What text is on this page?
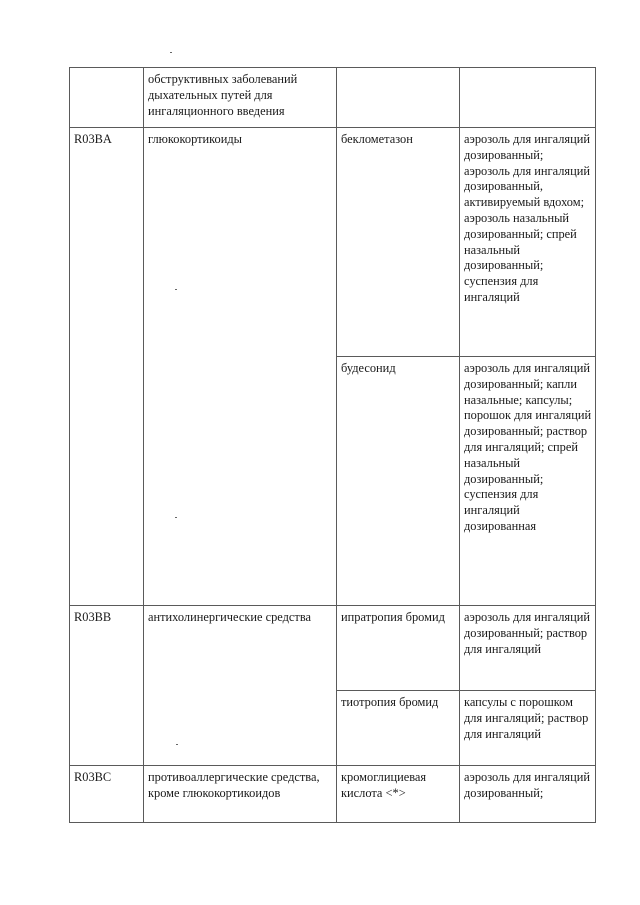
	обструктивных заболеваний дыхательных путей для ингаляционного введения		
R03BA	глюкокортикоиды	беклометазон	аэрозоль для ингаляций дозированный; аэрозоль для ингаляций дозированный, активируемый вдохом; аэрозоль назальный дозированный; спрей назальный дозированный; суспензия для ингаляций
		будесонид	аэрозоль для ингаляций дозированный; капли назальные; капсулы; порошок для ингаляций дозированный; раствор для ингаляций; спрей назальный дозированный; суспензия для ингаляций дозированная
R03BB	антихолинергические средства	ипратропия бромид	аэрозоль для ингаляций дозированный; раствор для ингаляций
		тиотропия бромид	капсулы с порошком для ингаляций; раствор для ингаляций
R03BC	противоаллергические средства, кроме глюкокортикоидов	кромоглициевая кислота <*>	аэрозоль для ингаляций дозированный;
